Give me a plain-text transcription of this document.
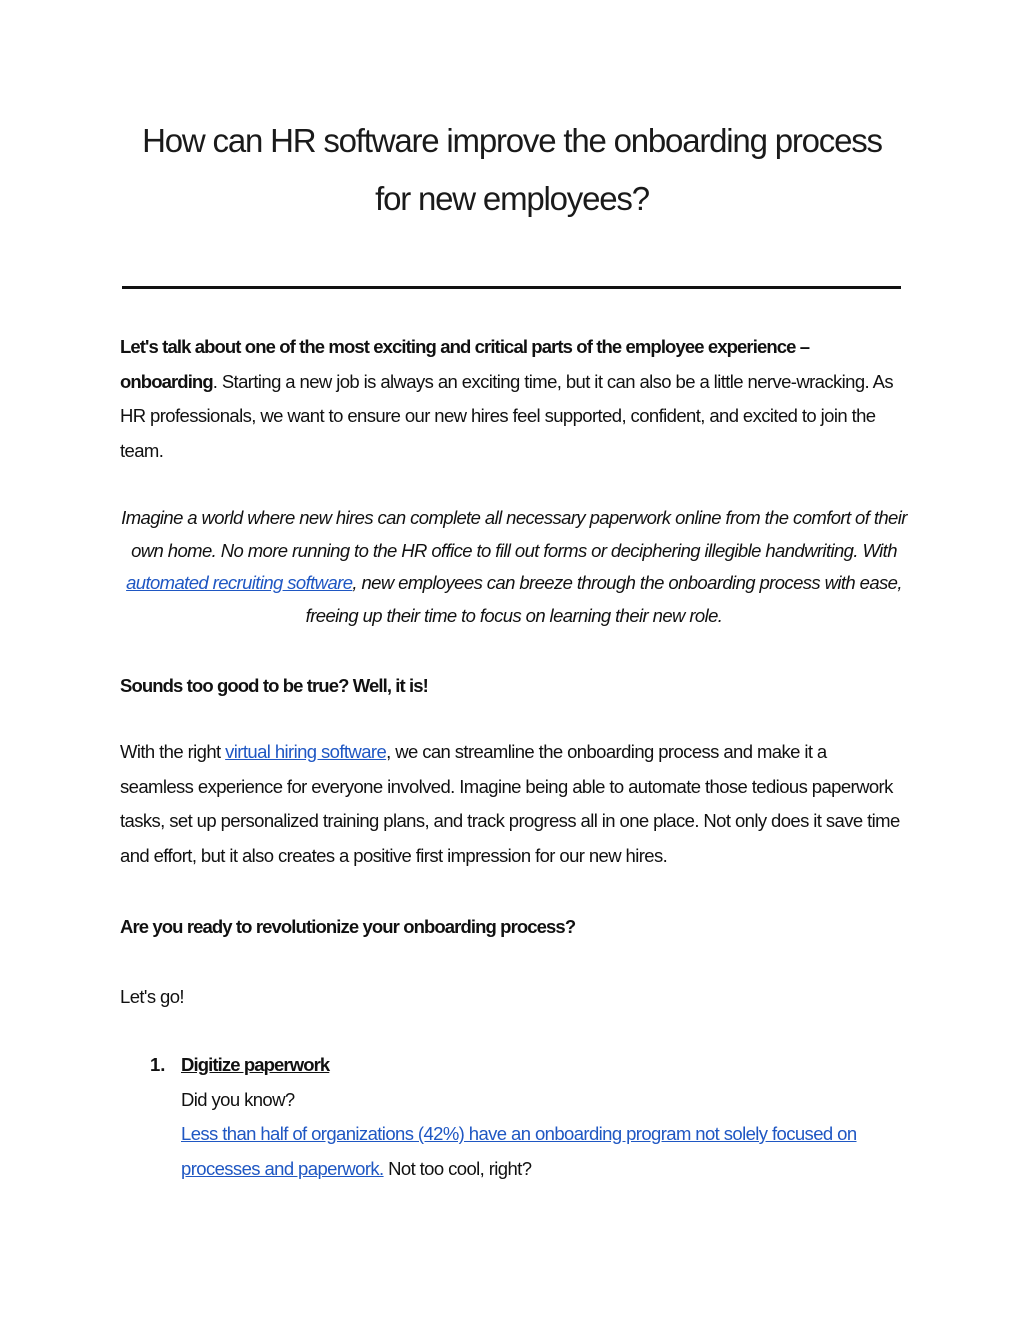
How can HR software improve the onboarding process
for new employees?

Let's talk about one of the most exciting and critical parts of the employee experience – onboarding. Starting a new job is always an exciting time, but it can also be a little nerve-wracking. As HR professionals, we want to ensure our new hires feel supported, confident, and excited to join the team.

Imagine a world where new hires can complete all necessary paperwork online from the comfort of their own home. No more running to the HR office to fill out forms or deciphering illegible handwriting. With automated recruiting software, new employees can breeze through the onboarding process with ease, freeing up their time to focus on learning their new role.

Sounds too good to be true? Well, it is!

With the right virtual hiring software, we can streamline the onboarding process and make it a seamless experience for everyone involved. Imagine being able to automate those tedious paperwork tasks, set up personalized training plans, and track progress all in one place. Not only does it save time and effort, but it also creates a positive first impression for our new hires.

Are you ready to revolutionize your onboarding process?

Let's go!

1. Digitize paperwork
Did you know?
Less than half of organizations (42%) have an onboarding program not solely focused on processes and paperwork. Not too cool, right?
